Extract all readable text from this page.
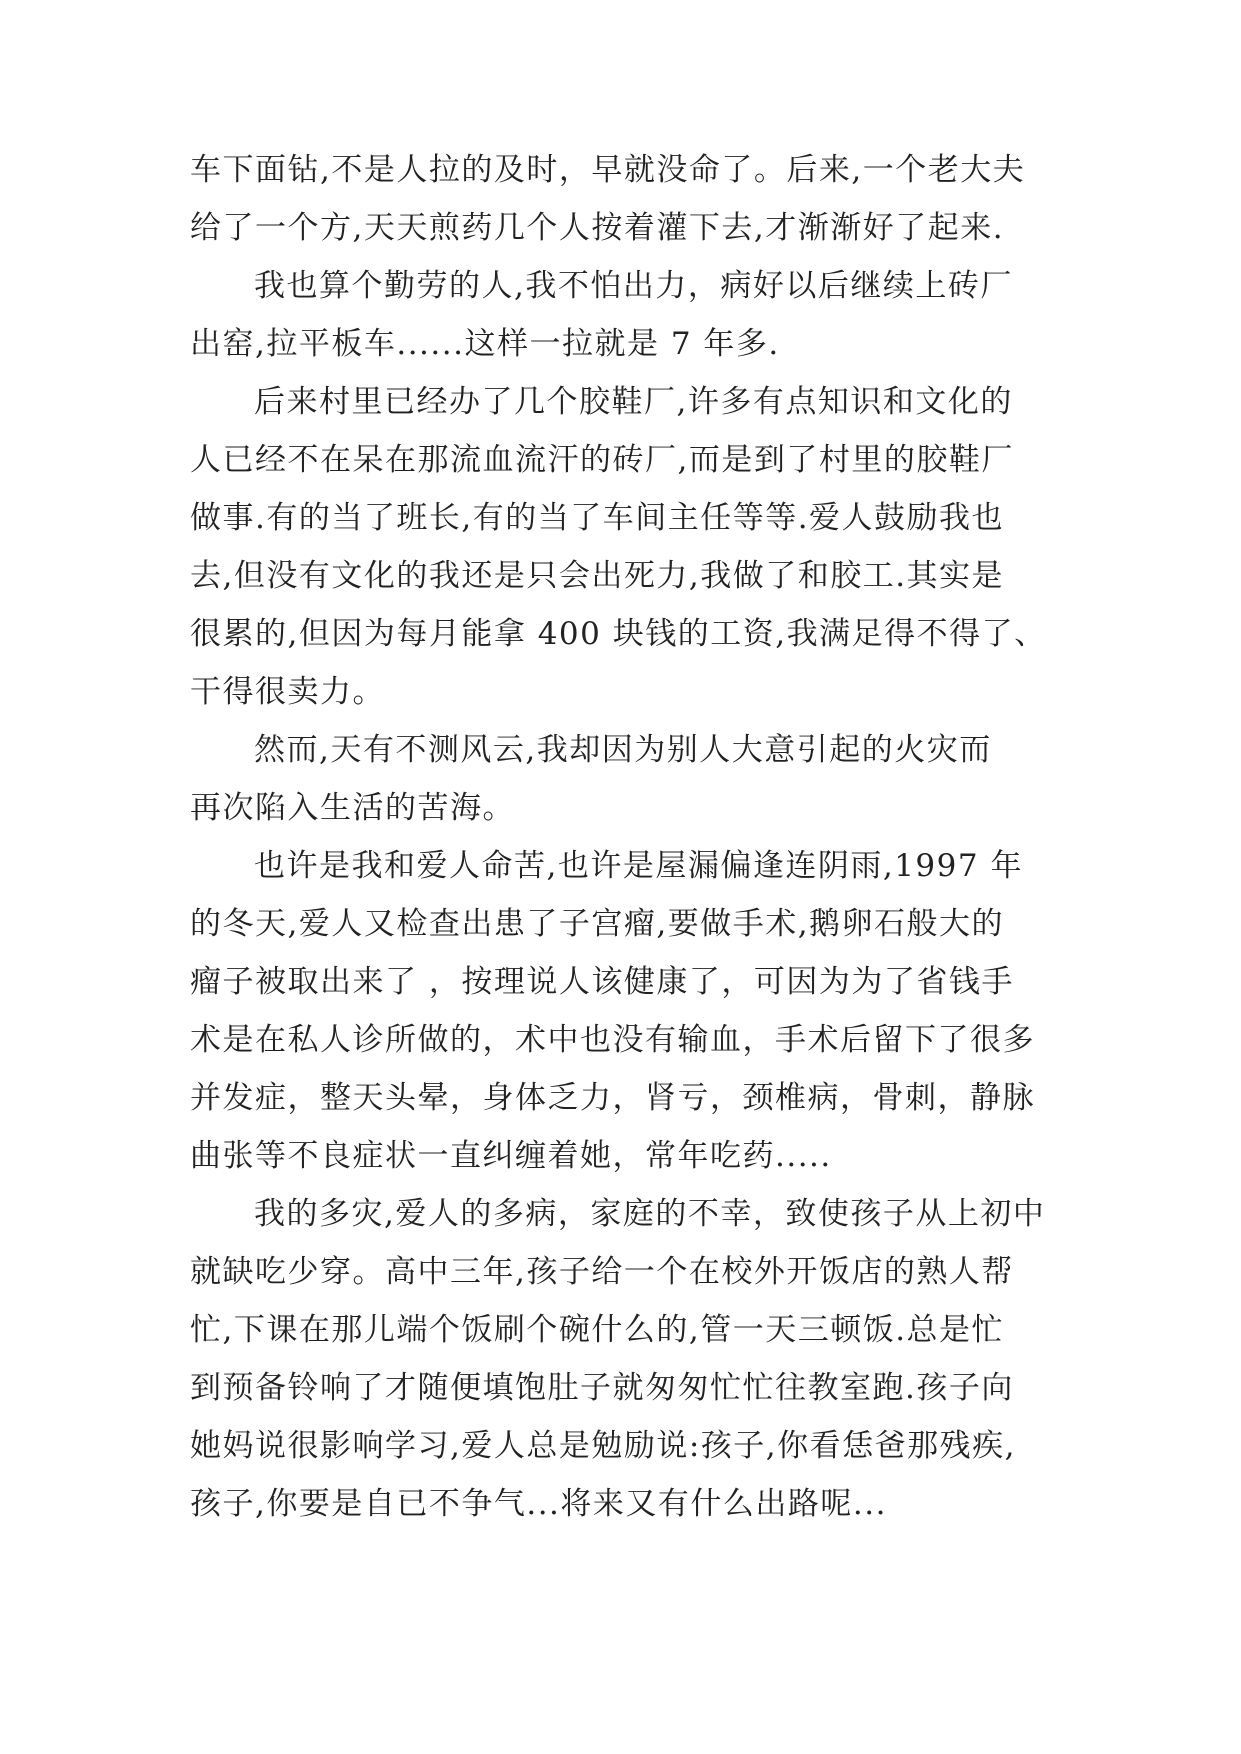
车下面钻,不是人拉的及时，早就没命了。后来,一个老大夫
给了一个方,天天煎药几个人按着灌下去,才渐渐好了起来.
我也算个勤劳的人,我不怕出力，病好以后继续上砖厂
出窑,拉平板车......这样一拉就是 7 年多.
后来村里已经办了几个胶鞋厂,许多有点知识和文化的
人已经不在呆在那流血流汗的砖厂,而是到了村里的胶鞋厂
做事.有的当了班长,有的当了车间主任等等.爱人鼓励我也
去,但没有文化的我还是只会出死力,我做了和胶工.其实是
很累的,但因为每月能拿 400 块钱的工资,我满足得不得了、
干得很卖力。
然而,天有不测风云,我却因为别人大意引起的火灾而
再次陷入生活的苦海。
也许是我和爱人命苦,也许是屋漏偏逢连阴雨,1997 年
的冬天,爱人又检查出患了子宫瘤,要做手术,鹅卵石般大的
瘤子被取出来了 ，按理说人该健康了，可因为为了省钱手
术是在私人诊所做的，术中也没有输血，手术后留下了很多
并发症，整天头晕，身体乏力，肾亏，颈椎病，骨刺，静脉
曲张等不良症状一直纠缠着她，常年吃药.....
我的多灾,爱人的多病，家庭的不幸，致使孩子从上初中
就缺吃少穿。高中三年,孩子给一个在校外开饭店的熟人帮
忙,下课在那儿端个饭刷个碗什么的,管一天三顿饭.总是忙
到预备铃响了才随便填饱肚子就匆匆忙忙往教室跑.孩子向
她妈说很影响学习,爱人总是勉励说:孩子,你看恁爸那残疾,
孩子,你要是自已不争气...将来又有什么出路呢...
